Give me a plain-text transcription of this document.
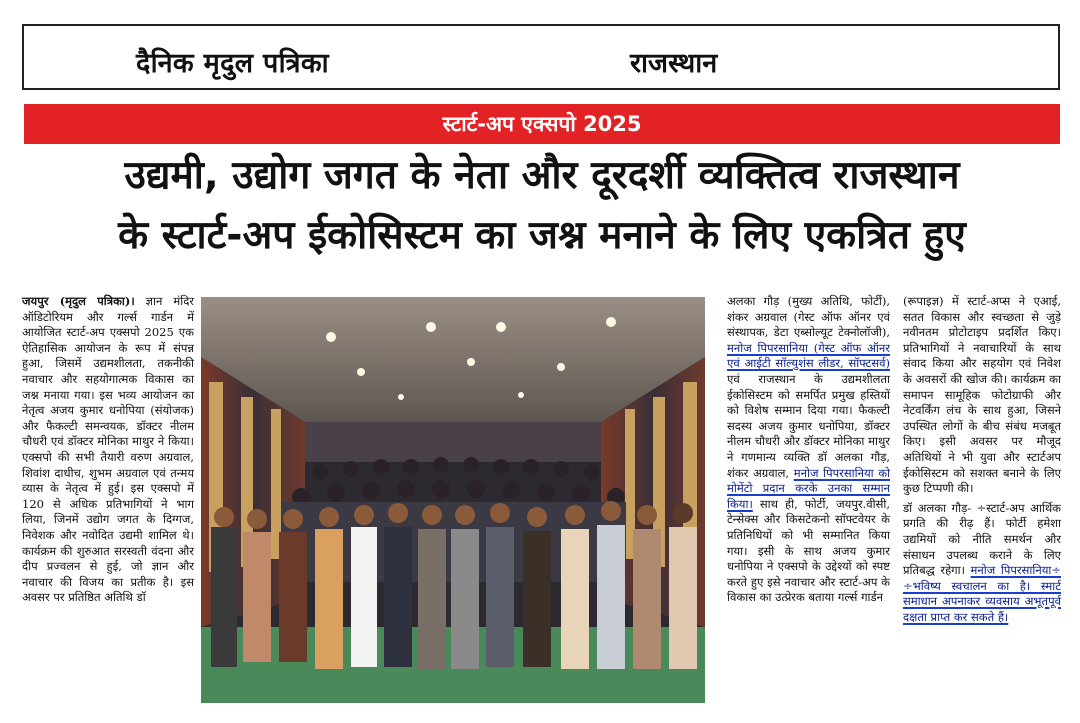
दैनिक मृदुल पत्रिका	राजस्थान
स्टार्ट-अप एक्सपो 2025
उद्यमी, उद्योग जगत के नेता और दूरदर्शी व्यक्तित्व राजस्थान
के स्टार्ट-अप ईकोसिस्टम का जश्न मनाने के लिए एकत्रित हुए
जयपुर (मृदुल पत्रिका)। ज्ञान मंदिर ऑडिटोरियम और गर्ल्स गार्डन में आयोजित स्टार्ट-अप एक्सपो 2025 एक ऐतिहासिक आयोजन के रूप में संपन्न हुआ, जिसमें उद्यमशीलता, तकनीकी नवाचार और सहयोगात्मक विकास का जश्न मनाया गया। इस भव्य आयोजन का नेतृत्व अजय कुमार धनोपिया (संयोजक) और फैकल्टी समन्वयक, डॉक्टर नीलम चौधरी एवं डॉक्टर मोनिका माथुर ने किया। एक्सपो की सभी तैयारी वरुण अग्रवाल, शिवांश दाधीच, शुभम अग्रवाल एवं तन्मय व्यास के नेतृत्व में हुई। इस एक्सपो में 120 से अधिक प्रतिभागियों ने भाग लिया, जिनमें उद्योग जगत के दिग्गज, निवेशक और नवोदित उद्यमी शामिल थे। कार्यक्रम की शुरुआत सरस्वती वंदना और दीप प्रज्वलन से हुई, जो ज्ञान और नवाचार की विजय का प्रतीक है। इस अवसर पर प्रतिष्ठित अतिथि डॉ
अलका गौड़ (मुख्य अतिथि, फोर्टी), शंकर अग्रवाल (गेस्ट ऑफ ऑनर एवं संस्थापक, डेटा एब्सोल्यूट टेक्नोलॉजी), मनोज पिपरसानिया (गेस्ट ऑफ ऑनर एवं आईटी सॉल्युशंस लीडर, सॉफ्टसर्व) एवं राजस्थान के उद्यमशीलता ईकोसिस्टम को समर्पित प्रमुख हस्तियों को विशेष सम्मान दिया गया। फैकल्टी सदस्य अजय कुमार धनोपिया, डॉक्टर नीलम चौधरी और डॉक्टर मोनिका माथुर ने गणमान्य व्यक्ति डॉ अलका गौड़, शंकर अग्रवाल, मनोज पिपरसानिया को मोमेंटो प्रदान करके उनका सम्मान किया। साथ ही, फोर्टी, जयपुर.वीसी, टेन्सेक्स और किसटेकनो सॉफ्टवेयर के प्रतिनिधियों को भी सम्मानित किया गया। इसी के साथ अजय कुमार धनोपिया ने एक्सपो के उद्देश्यों को स्पष्ट करते हुए इसे नवाचार और स्टार्ट-अप के विकास का उत्प्रेरक बताया गर्ल्स गार्डन
(रूपाइज्ञ) में स्टार्ट-अप्स ने एआई, सतत विकास और स्वच्छता से जुड़े नवीनतम प्रोटोटाइप प्रदर्शित किए। प्रतिभागियों ने नवाचारियों के साथ संवाद किया और सहयोग एवं निवेश के अवसरों की खोज की। कार्यक्रम का समापन सामूहिक फोटोग्राफी और नेटवर्किंग लंच के साथ हुआ, जिसने उपस्थित लोगों के बीच संबंध मजबूत किए। इसी अवसर पर मौजूद अतिथियों ने भी युवा और स्टार्टअप ईकोसिस्टम को सशक्त बनाने के लिए कुछ टिप्पणी की।
डॉ अलका गौड़- ÷स्टार्ट-अप आर्थिक प्रगति की रीढ़ हैं। फोर्टी हमेशा उद्यमियों को नीति समर्थन और संसाधन उपलब्ध कराने के लिए प्रतिबद्ध रहेगा। मनोज पिपरसानिया÷ ÷भविष्य स्वचालन का है। स्मार्ट समाधान अपनाकर व्यवसाय अभूतपूर्व दक्षता प्राप्त कर सकते हैं।
